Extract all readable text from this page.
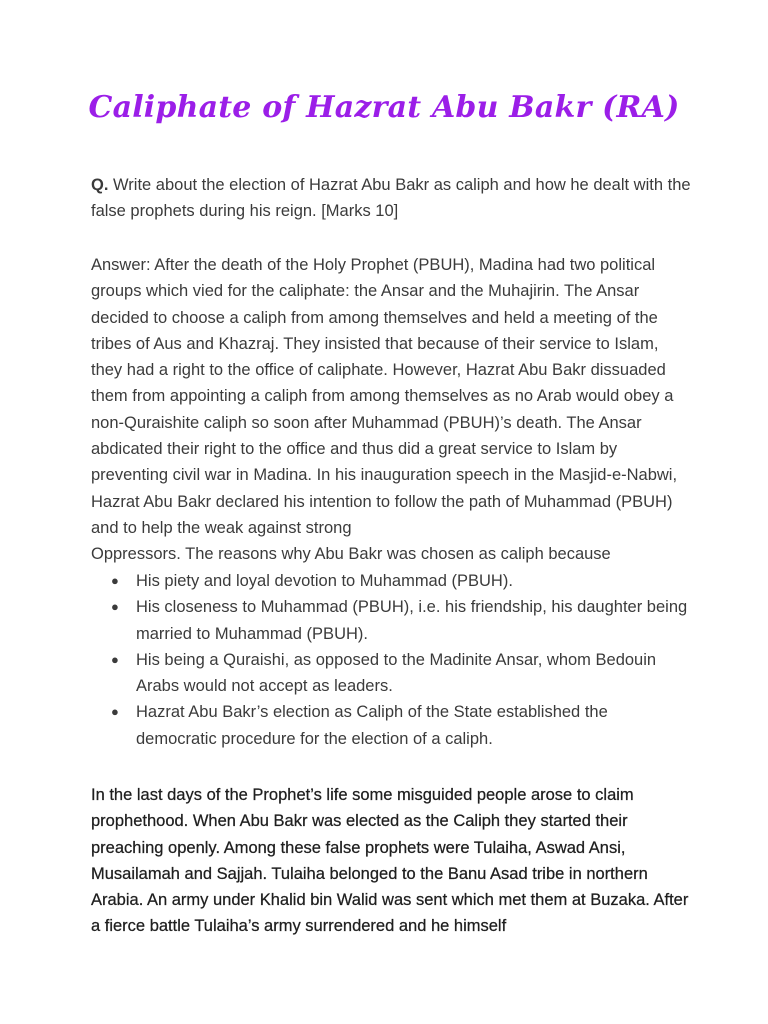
Caliphate of Hazrat Abu Bakr (RA)

Q. Write about the election of Hazrat Abu Bakr as caliph and how he dealt with the false prophets during his reign. [Marks 10]

Answer: After the death of the Holy Prophet (PBUH), Madina had two political groups which vied for the caliphate: the Ansar and the Muhajirin. The Ansar decided to choose a caliph from among themselves and held a meeting of the tribes of Aus and Khazraj. They insisted that because of their service to Islam, they had a right to the office of caliphate. However, Hazrat Abu Bakr dissuaded them from appointing a caliph from among themselves as no Arab would obey a non-Quraishite caliph so soon after Muhammad (PBUH)’s death. The Ansar abdicated their right to the office and thus did a great service to Islam by preventing civil war in Madina. In his inauguration speech in the Masjid-e-Nabwi, Hazrat Abu Bakr declared his intention to follow the path of Muhammad (PBUH) and to help the weak against strong
Oppressors. The reasons why Abu Bakr was chosen as caliph because

● His piety and loyal devotion to Muhammad (PBUH).
● His closeness to Muhammad (PBUH), i.e. his friendship, his daughter being married to Muhammad (PBUH).
● His being a Quraishi, as opposed to the Madinite Ansar, whom Bedouin Arabs would not accept as leaders.
● Hazrat Abu Bakr’s election as Caliph of the State established the democratic procedure for the election of a caliph.

In the last days of the Prophet’s life some misguided people arose to claim prophethood. When Abu Bakr was elected as the Caliph they started their preaching openly. Among these false prophets were Tulaiha, Aswad Ansi, Musailamah and Sajjah. Tulaiha belonged to the Banu Asad tribe in northern Arabia. An army under Khalid bin Walid was sent which met them at Buzaka. After a fierce battle Tulaiha’s army surrendered and he himself
